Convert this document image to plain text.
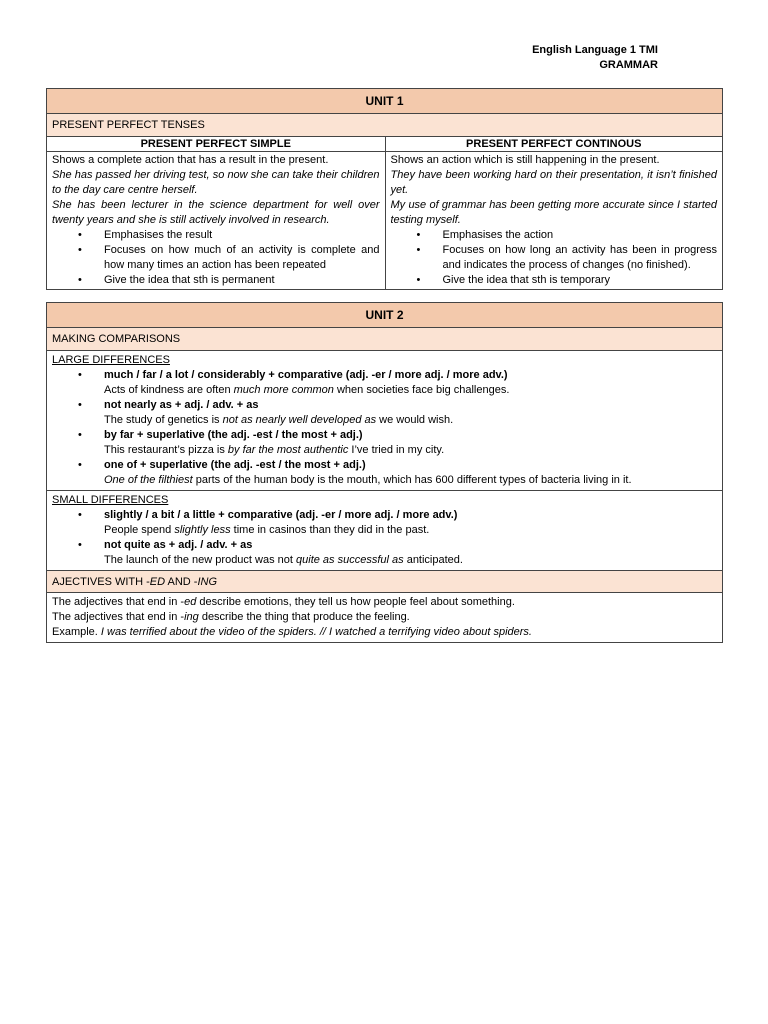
English Language 1 TMI
GRAMMAR
UNIT 1
PRESENT PERFECT TENSES
PRESENT PERFECT SIMPLE
Shows a complete action that has a result in the present.
She has passed her driving test, so now she can take their children to the day care centre herself.
She has been lecturer in the science department for well over twenty years and she is still actively involved in research.
• Emphasises the result
• Focuses on how much of an activity is complete and how many times an action has been repeated
• Give the idea that sth is permanent
PRESENT PERFECT CONTINOUS
Shows an action which is still happening in the present.
They have been working hard on their presentation, it isn’t finished yet.
My use of grammar has been getting more accurate since I started testing myself.
• Emphasises the action
• Focuses on how long an activity has been in progress and indicates the process of changes (no finished).
• Give the idea that sth is temporary
UNIT 2
MAKING COMPARISONS
LARGE DIFFERENCES
• much / far / a lot / considerably + comparative (adj. -er / more adj. / more adv.)
Acts of kindness are often much more common when societies face big challenges.
• not nearly as + adj. / adv. + as
The study of genetics is not as nearly well developed as we would wish.
• by far + superlative (the adj. -est / the most + adj.)
This restaurant’s pizza is by far the most authentic I’ve tried in my city.
• one of + superlative (the adj. -est / the most + adj.)
One of the filthiest parts of the human body is the mouth, which has 600 different types of bacteria living in it.
SMALL DIFFERENCES
• slightly / a bit / a little + comparative (adj. -er / more adj. / more adv.)
People spend slightly less time in casinos than they did in the past.
• not quite as + adj. / adv. + as
The launch of the new product was not quite as successful as anticipated.
AJECTIVES WITH -ED AND -ING
The adjectives that end in -ed describe emotions, they tell us how people feel about something.
The adjectives that end in -ing describe the thing that produce the feeling.
Example. I was terrified about the video of the spiders. // I watched a terrifying video about spiders.
